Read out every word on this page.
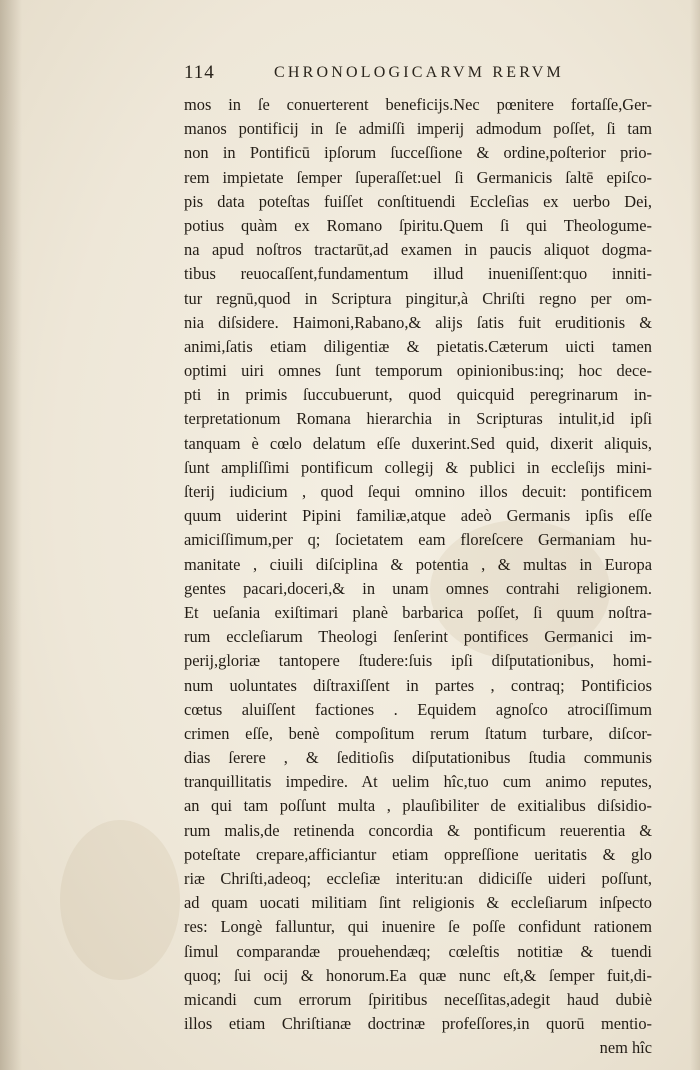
114	CHRONOLOGICARVM RERVM
mos in ſe conuerterent beneficijs.Nec pœnitere fortaſſe,Ger-
manos pontificij in ſe admiſſi imperij admodum poſſet, ſi tam
non in Pontificū ipſorum ſucceſſione & ordine,poſterior prio-
rem impietate ſemper ſuperaſſet:uel ſi Germanicis ſaltē epiſco-
pis data poteſtas fuiſſet conſtituendi Eccleſias ex uerbo Dei,
potius quàm ex Romano ſpiritu.Quem ſi qui Theologume-
na apud noſtros tractarūt,ad examen in paucis aliquot dogma-
tibus reuocaſſent,fundamentum illud inueniſſent:quo inniti-
tur regnū,quod in Scriptura pingitur,à Chriſti regno per om-
nia diſsidere. Haimoni,Rabano,& alijs ſatis fuit eruditionis &
animi,ſatis etiam diligentiæ & pietatis.Cæterum uicti tamen
optimi uiri omnes ſunt temporum opinionibus:inq; hoc dece-
pti in primis ſuccubuerunt, quod quicquid peregrinarum in-
terpretationum Romana hierarchia in Scripturas intulit,id ipſi
tanquam è cœlo delatum eſſe duxerint.Sed quid, dixerit aliquis,
ſunt ampliſſimi pontificum collegij & publici in eccleſijs mini-
ſterij iudicium , quod ſequi omnino illos decuit: pontificem
quum uiderint Pipini familiæ,atque adeò Germanis ipſis eſſe
amiciſſimum,per q; ſocietatem eam floreſcere Germaniam hu-
manitate , ciuili diſciplina & potentia , & multas in Europa
gentes pacari,doceri,& in unam omnes contrahi religionem.
Et ueſania exiſtimari planè barbarica poſſet, ſi quum noſtra-
rum eccleſiarum Theologi ſenſerint pontifices Germanici im-
perij,gloriæ tantopere ſtudere:ſuis ipſi diſputationibus, homi-
num uoluntates diſtraxiſſent in partes , contraq; Pontificios
cœtus aluiſſent factiones . Equidem agnoſco atrociſſimum
crimen eſſe, benè compoſitum rerum ſtatum turbare, diſcor-
dias ſerere , & ſeditioſis diſputationibus ſtudia communis
tranquillitatis impedire. At uelim hîc,tuo cum animo reputes,
an qui tam poſſunt multa , plauſibiliter de exitialibus diſsidio-
rum malis,de retinenda concordia & pontificum reuerentia &
poteſtate crepare,afficiantur etiam oppreſſione ueritatis & glo
riæ Chriſti,adeoq; eccleſiæ interitu:an didiciſſe uideri poſſunt,
ad quam uocati militiam ſint religionis & eccleſiarum inſpecto
res: Longè falluntur, qui inuenire ſe poſſe confidunt rationem
ſimul comparandæ prouehendæq; cœleſtis notitiæ & tuendi
quoq; ſui ocij & honorum.Ea quæ nunc eſt,& ſemper fuit,di-
micandi cum errorum ſpiritibus neceſſitas,adegit haud dubiè
illos etiam Chriſtianæ doctrinæ profeſſores,in quorū mentio-
nem hîc
